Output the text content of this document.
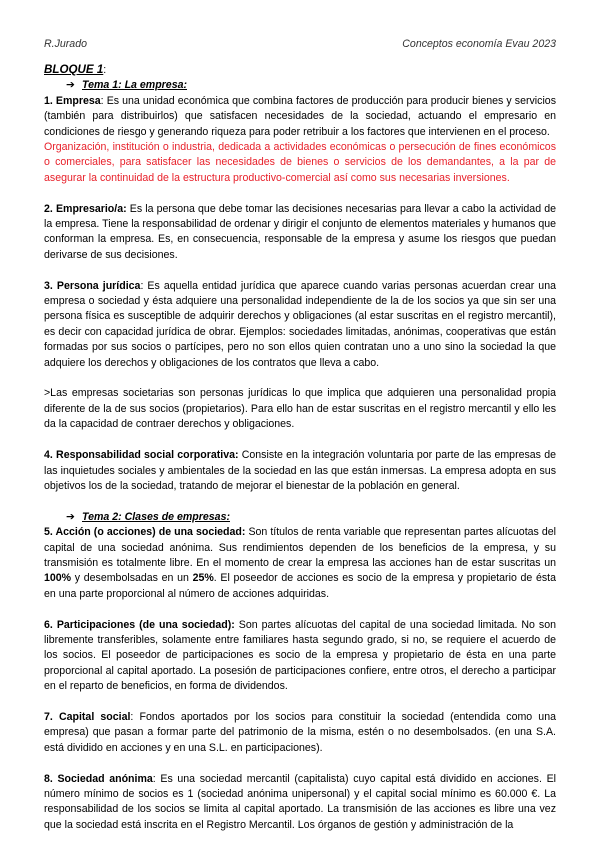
R.Jurado	Conceptos economía Evau 2023
BLOQUE 1:
➔ Tema 1: La empresa:

1. Empresa: Es una unidad económica que combina factores de producción para producir bienes y servicios (también para distribuirlos) que satisfacen necesidades de la sociedad, actuando el empresario en condiciones de riesgo y generando riqueza para poder retribuir a los factores que intervienen en el proceso.

Organización, institución o industria, dedicada a actividades económicas o persecución de fines económicos o comerciales, para satisfacer las necesidades de bienes o servicios de los demandantes, a la par de asegurar la continuidad de la estructura productivo-comercial así como sus necesarias inversiones.

2. Empresario/a: Es la persona que debe tomar las decisiones necesarias para llevar a cabo la actividad de la empresa. Tiene la responsabilidad de ordenar y dirigir el conjunto de elementos materiales y humanos que conforman la empresa. Es, en consecuencia, responsable de la empresa y asume los riesgos que puedan derivarse de sus decisiones.

3. Persona jurídica: Es aquella entidad jurídica que aparece cuando varias personas acuerdan crear una empresa o sociedad y ésta adquiere una personalidad independiente de la de los socios ya que sin ser una persona física es susceptible de adquirir derechos y obligaciones (al estar suscritas en el registro mercantil), es decir con capacidad jurídica de obrar. Ejemplos: sociedades limitadas, anónimas, cooperativas que están formadas por sus socios o partícipes, pero no son ellos quien contratan uno a uno sino la sociedad la que adquiere los derechos y obligaciones de los contratos que lleva a cabo.

>Las empresas societarias son personas jurídicas lo que implica que adquieren una personalidad propia diferente de la de sus socios (propietarios). Para ello han de estar suscritas en el registro mercantil y ello les da la capacidad de contraer derechos y obligaciones.

4. Responsabilidad social corporativa: Consiste en la integración voluntaria por parte de las empresas de las inquietudes sociales y ambientales de la sociedad en las que están inmersas. La empresa adopta en sus objetivos los de la sociedad, tratando de mejorar el bienestar de la población en general.

➔ Tema 2: Clases de empresas:

5. Acción (o acciones) de una sociedad: Son títulos de renta variable que representan partes alícuotas del capital de una sociedad anónima. Sus rendimientos dependen de los beneficios de la empresa, y su transmisión es totalmente libre. En el momento de crear la empresa las acciones han de estar suscritas un 100% y desembolsadas en un 25%. El poseedor de acciones es socio de la empresa y propietario de ésta en una parte proporcional al número de acciones adquiridas.

6. Participaciones (de una sociedad): Son partes alícuotas del capital de una sociedad limitada. No son libremente transferibles, solamente entre familiares hasta segundo grado, si no, se requiere el acuerdo de los socios. El poseedor de participaciones es socio de la empresa y propietario de ésta en una parte proporcional al capital aportado. La posesión de participaciones confiere, entre otros, el derecho a participar en el reparto de beneficios, en forma de dividendos.

7. Capital social: Fondos aportados por los socios para constituir la sociedad (entendida como una empresa) que pasan a formar parte del patrimonio de la misma, estén o no desembolsados. (en una S.A. está dividido en acciones y en una S.L. en participaciones).

8. Sociedad anónima: Es una sociedad mercantil (capitalista) cuyo capital está dividido en acciones. El número mínimo de socios es 1 (sociedad anónima unipersonal) y el capital social mínimo es 60.000 €. La responsabilidad de los socios se limita al capital aportado. La transmisión de las acciones es libre una vez que la sociedad está inscrita en el Registro Mercantil. Los órganos de gestión y administración de la
